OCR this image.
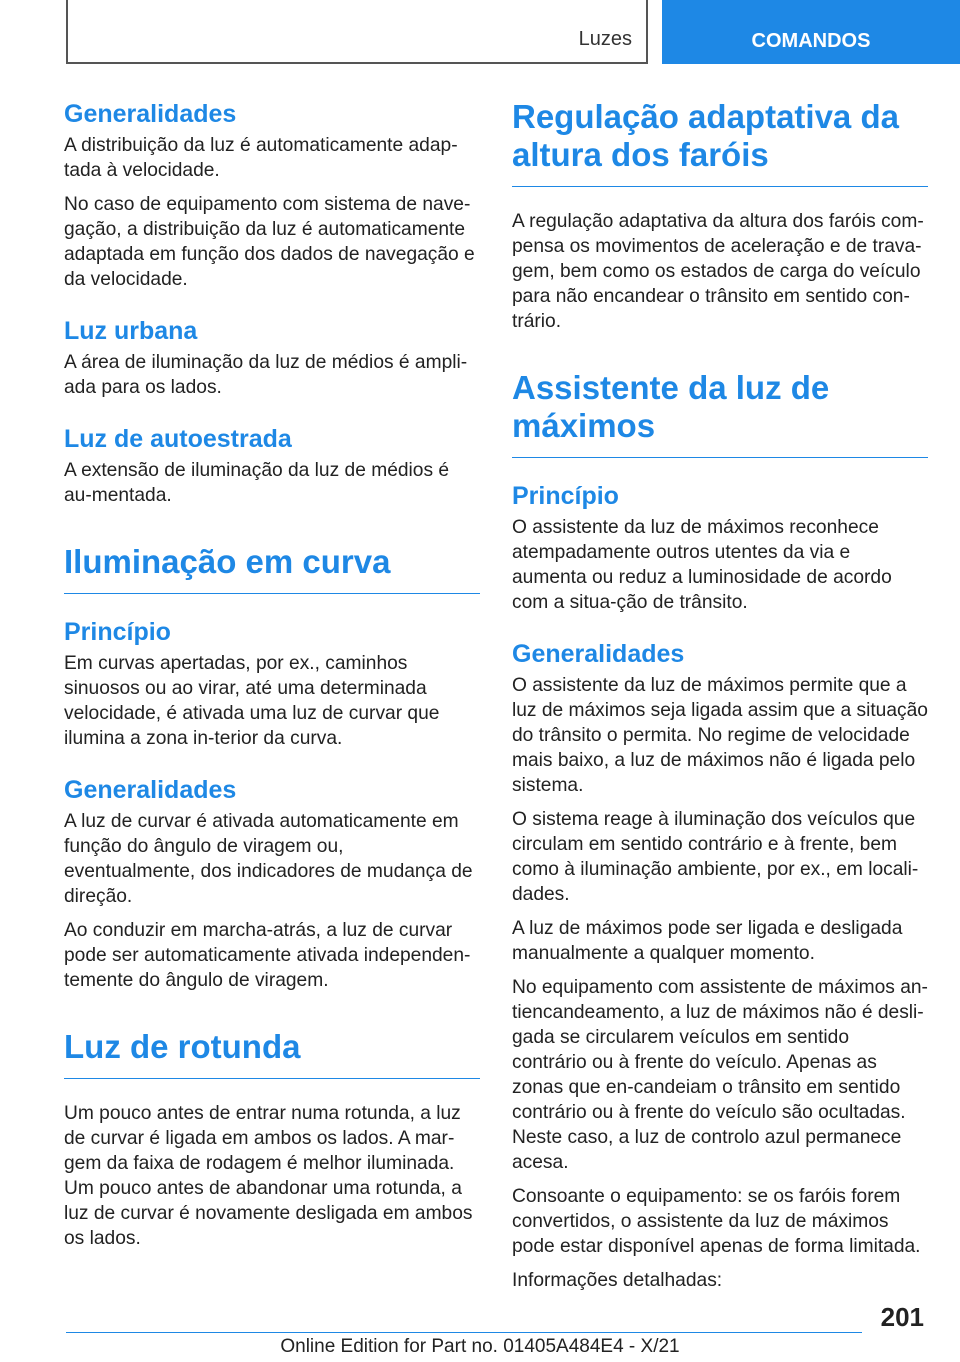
Luzes	COMANDOS
Generalidades

A distribuição da luz é automaticamente adap-tada à velocidade.

No caso de equipamento com sistema de nave-gação, a distribuição da luz é automaticamente adaptada em função dos dados de navegação e da velocidade.

Luz urbana

A área de iluminação da luz de médios é ampli-ada para os lados.

Luz de autoestrada

A extensão de iluminação da luz de médios é au-mentada.

Iluminação em curva
Princípio

Em curvas apertadas, por ex., caminhos sinuosos ou ao virar, até uma determinada velocidade, é ativada uma luz de curvar que ilumina a zona in-terior da curva.

Generalidades

A luz de curvar é ativada automaticamente em função do ângulo de viragem ou, eventualmente, dos indicadores de mudança de direção.

Ao conduzir em marcha-atrás, a luz de curvar pode ser automaticamente ativada independen-temente do ângulo de viragem.

Luz de rotunda

Um pouco antes de entrar numa rotunda, a luz de curvar é ligada em ambos os lados. A mar-gem da faixa de rodagem é melhor iluminada. Um pouco antes de abandonar uma rotunda, a luz de curvar é novamente desligada em ambos os lados.

Regulação adaptativa da altura dos faróis

A regulação adaptativa da altura dos faróis com-pensa os movimentos de aceleração e de trava-gem, bem como os estados de carga do veículo para não encandear o trânsito em sentido con-trário.

Assistente da luz de máximos
Princípio

O assistente da luz de máximos reconhece atempadamente outros utentes da via e aumenta ou reduz a luminosidade de acordo com a situa-ção de trânsito.

Generalidades

O assistente da luz de máximos permite que a luz de máximos seja ligada assim que a situação do trânsito o permita. No regime de velocidade mais baixo, a luz de máximos não é ligada pelo sistema.

O sistema reage à iluminação dos veículos que circulam em sentido contrário e à frente, bem como à iluminação ambiente, por ex., em locali-dades.

A luz de máximos pode ser ligada e desligada manualmente a qualquer momento.

No equipamento com assistente de máximos an-tiencandeamento, a luz de máximos não é desli-gada se circularem veículos em sentido contrário ou à frente do veículo. Apenas as zonas que en-candeiam o trânsito em sentido contrário ou à frente do veículo são ocultadas. Neste caso, a luz de controlo azul permanece acesa.

Consoante o equipamento: se os faróis forem convertidos, o assistente da luz de máximos pode estar disponível apenas de forma limitada.

Informações detalhadas:

201
Online Edition for Part no. 01405A484E4 - X/21
